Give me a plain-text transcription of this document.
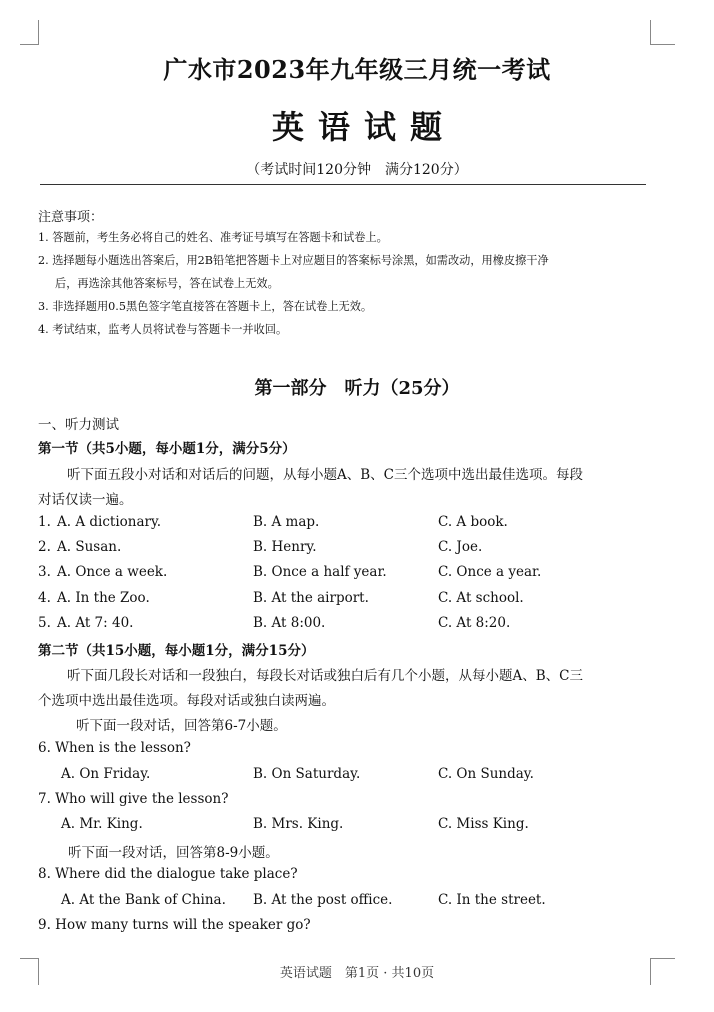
广水市2023年九年级三月统一考试
英语试题
（考试时间120分钟　满分120分）
注意事项：
1. 答题前，考生务必将自己的姓名、准考证号填写在答题卡和试卷上。
2. 选择题每小题选出答案后，用2B铅笔把答题卡上对应题目的答案标号涂黑，如需改动，用橡皮擦干净
后，再选涂其他答案标号，答在试卷上无效。
3. 非选择题用0.5黑色签字笔直接答在答题卡上，答在试卷上无效。
4. 考试结束，监考人员将试卷与答题卡一并收回。
第一部分　听力（25分）
一、听力测试
第一节（共5小题，每小题1分，满分5分）
听下面五段小对话和对话后的问题，从每小题A、B、C三个选项中选出最佳选项。每段
对话仅读一遍。
1. A. A dictionary.	B. A map.	C. A book.
2. A. Susan.	B. Henry.	C. Joe.
3. A. Once a week.	B. Once a half year.	C. Once a year.
4. A. In the Zoo.	B. At the airport.	C. At school.
5. A. At 7: 40.	B. At 8:00.	C. At 8:20.
第二节（共15小题，每小题1分，满分15分）
听下面几段长对话和一段独白，每段长对话或独白后有几个小题，从每小题A、B、C三
个选项中选出最佳选项。每段对话或独白读两遍。
听下面一段对话，回答第6-7小题。
6. When is the lesson?
A. On Friday.	B. On Saturday.	C. On Sunday.
7. Who will give the lesson?
A. Mr. King.	B. Mrs. King.	C. Miss King.
听下面一段对话，回答第8-9小题。
8. Where did the dialogue take place?
A. At the Bank of China. B. At the post office.	C. In the street.
9. How many turns will the speaker go?
英语试题　第1页 · 共10页
